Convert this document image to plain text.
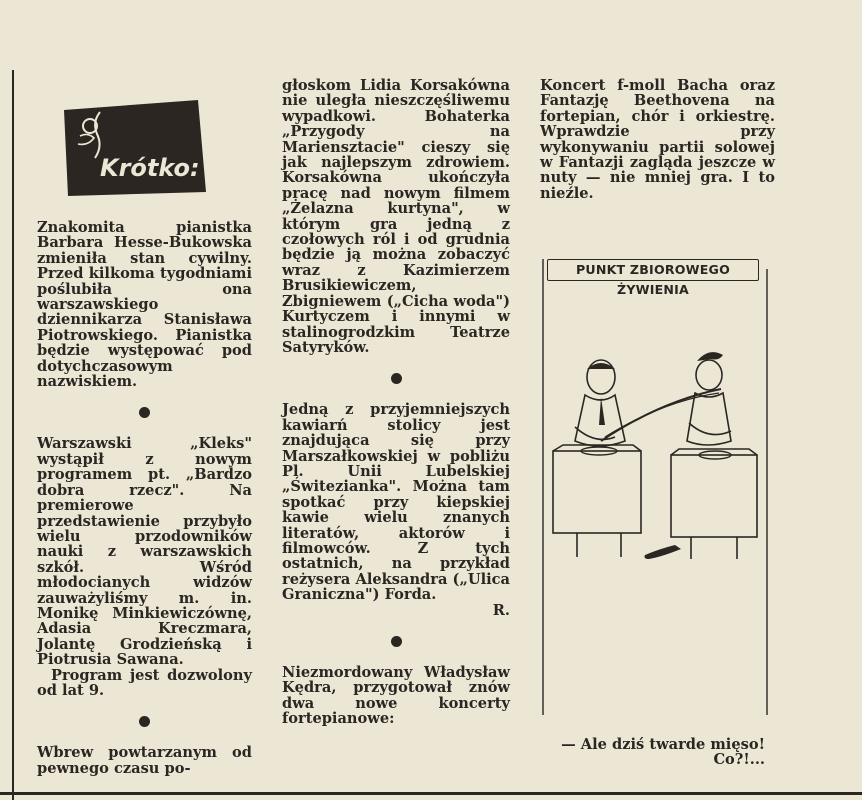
Krótko:

Znakomita pianistka Barbara Hesse-Bukowska zmieniła stan cywilny. Przed kilkoma tygodniami poślubiła ona warszawskiego dziennikarza Stanisława Piotrowskiego. Pianistka będzie występować pod dotychczasowym nazwiskiem.

Warszawski „Kleks" wystąpił z nowym programem pt. „Bardzo dobra rzecz". Na premierowe przedstawienie przybyło wielu przodowników nauki z warszawskich szkół. Wśród młodocianych widzów zauważyliśmy m. in. Monikę Minkiewiczównę, Adasia Kreczmara, Jolantę Grodzieńską i Piotrusia Sawana.

Program jest dozwolony od lat 9.

Wbrew powtarzanym od pewnego czasu po-

głoskom Lidia Korsakówna nie uległa nieszczęśliwemu wypadkowi. Bohaterka „Przygody na Mariensztacie" cieszy się jak najlepszym zdrowiem. Korsakówna ukończyła pracę nad nowym filmem „Żelazna kurtyna", w którym gra jedną z czołowych ról i od grudnia będzie ją można zobaczyć wraz z Kazimierzem Brusikiewiczem, Zbigniewem („Cicha woda") Kurtyczem i innymi w stalinogrodzkim Teatrze Satyryków.

Jedną z przyjemniejszych kawiarń stolicy jest znajdująca się przy Marszałkowskiej w pobliżu Pl. Unii Lubelskiej „Świtezianka". Można tam spotkać przy kiepskiej kawie wielu znanych literatów, aktorów i filmowców. Z tych ostatnich, na przykład reżysera Aleksandra („Ulica Graniczna") Forda.

R.

Niezmordowany Władysław Kędra, przygotował znów dwa nowe koncerty fortepianowe:

Koncert f-moll Bacha oraz Fantazję Beethovena na fortepian, chór i orkiestrę. Wprawdzie przy wykonywaniu partii solowej w Fantazji zagląda jeszcze w nuty — nie mniej gra. I to nieźle.

PUNKT ZBIOROWEGO ŻYWIENIA
— Ale dziś twarde mięso! Co?!...
